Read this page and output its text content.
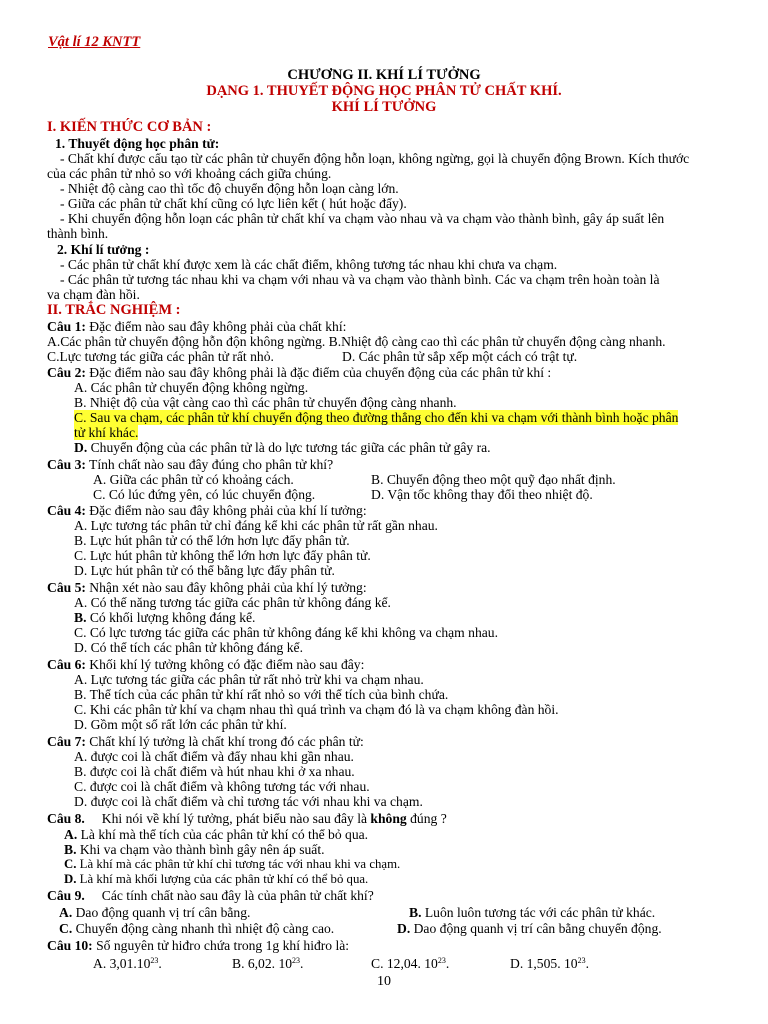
Vật lí 12 KNTT
CHƯƠNG II. KHÍ LÍ TƯỞNG
DẠNG 1. THUYẾT ĐỘNG HỌC PHÂN TỬ CHẤT KHÍ.
KHÍ LÍ TƯỞNG
I. KIẾN THỨC CƠ BẢN :
1. Thuyết động học phân tử:
- Chất khí được cấu tạo từ các phân tử chuyển động hỗn loạn, không ngừng, gọi là chuyển động Brown. Kích thước
của các phân tử nhỏ so với khoảng cách giữa chúng.
- Nhiệt độ càng cao thì tốc độ chuyển động hỗn loạn càng lớn.
- Giữa các phân tử chất khí cũng có lực liên kết ( hút hoặc đẩy).
- Khi chuyển động hỗn loạn các phân tử chất khí va chạm vào nhau và va chạm vào thành bình, gây áp suất lên
thành bình.
2. Khí lí tưởng :
- Các phân tử chất khí được xem là các chất điểm, không tương tác nhau khi chưa va chạm.
- Các phân tử tương tác nhau khi va chạm với nhau và va chạm vào thành bình. Các va chạm trên hoàn toàn là
va chạm đàn hồi.
II. TRẮC NGHIỆM :
Câu 1: Đặc điểm nào sau đây không phải của chất khí:
A.Các phân tử chuyển động hỗn độn không ngừng. B.Nhiệt độ càng cao thì các phân tử chuyển động càng nhanh.
C.Lực tương tác giữa các phân tử rất nhỏ.	D. Các phân tử sắp xếp một cách có trật tự.
Câu 2: Đặc điểm nào sau đây không phải là đặc điểm của chuyển động của các phân tử khí :
A. Các phân tử chuyển động không ngừng.
B. Nhiệt độ của vật càng cao thì các phân tử chuyển động càng nhanh.
C. Sau va chạm, các phân tử khí chuyển động theo đường thẳng cho đến khi va chạm với thành bình hoặc phân
tử khí khác.
D. Chuyển động của các phân tử là do lực tương tác giữa các phân tử gây ra.
Câu 3: Tính chất nào sau đây đúng cho phân tử khí?
A. Giữa các phân tử có khoảng cách.	B. Chuyển động theo một quỹ đạo nhất định.
C. Có lúc đứng yên, có lúc chuyển động.	D. Vận tốc không thay đổi theo nhiệt độ.
Câu 4: Đặc điểm nào sau đây không phải của khí lí tưởng:
A. Lực tương tác phân tử chỉ đáng kể khi các phân tử rất gần nhau.
B. Lực hút phân tử có thể lớn hơn lực đẩy phân tử.
C. Lực hút phân tử không thể lớn hơn lực đẩy phân tử.
D. Lực hút phân tử có thể bằng lực đẩy phân tử.
Câu 5: Nhận xét nào sau đây không phải của khí lý tưởng:
A. Có thế năng tương tác giữa các phân tử không đáng kể.
B. Có khối lượng không đáng kể.
C. Có lực tương tác giữa các phân tử không đáng kể khi không va chạm nhau.
D. Có thể tích các phân tử không đáng kể.
Câu 6: Khối khí lý tưởng không có đặc điểm nào sau đây:
A. Lực tương tác giữa các phân tử rất nhỏ trừ khi va chạm nhau.
B. Thể tích của các phân tử khí rất nhỏ so với thể tích của bình chứa.
C. Khi các phân tử khí va chạm nhau thì quá trình va chạm đó là va chạm không đàn hồi.
D. Gồm một số rất lớn các phân tử khí.
Câu 7: Chất khí lý tưởng là chất khí trong đó các phân tử:
A. được coi là chất điểm và đẩy nhau khi gần nhau.
B. được coi là chất điểm và hút nhau khi ở xa nhau.
C. được coi là chất điểm và không tương tác với nhau.
D. được coi là chất điểm và chỉ tương tác với nhau khi va chạm.
Câu 8.     Khi nói về khí lý tưởng, phát biểu nào sau đây là không đúng ?
A. Là khí mà thể tích của các phân tử khí có thể bỏ qua.
B. Khi va chạm vào thành bình gây nên áp suất.
C. Là khí mà các phân tử khí chỉ tương tác với nhau khi va chạm.
D. Là khí mà khối lượng của các phân tử khí có thể bỏ qua.
Câu 9.     Các tính chất nào sau đây là của phân tử chất khí?
A. Dao động quanh vị trí cân bằng.	B. Luôn luôn tương tác với các phân tử khác.
C. Chuyển động càng nhanh thì nhiệt độ càng cao.	D. Dao động quanh vị trí cân bằng chuyển động.
Câu 10: Số nguyên tử hiđro chứa trong 1g khí hiđro là:
A. 3,01.10$^{23}$.	B. 6,02. $10^{23}$.	C. 12,04. $10^{23}$.	D. 1,505. $10^{23}$.
10
